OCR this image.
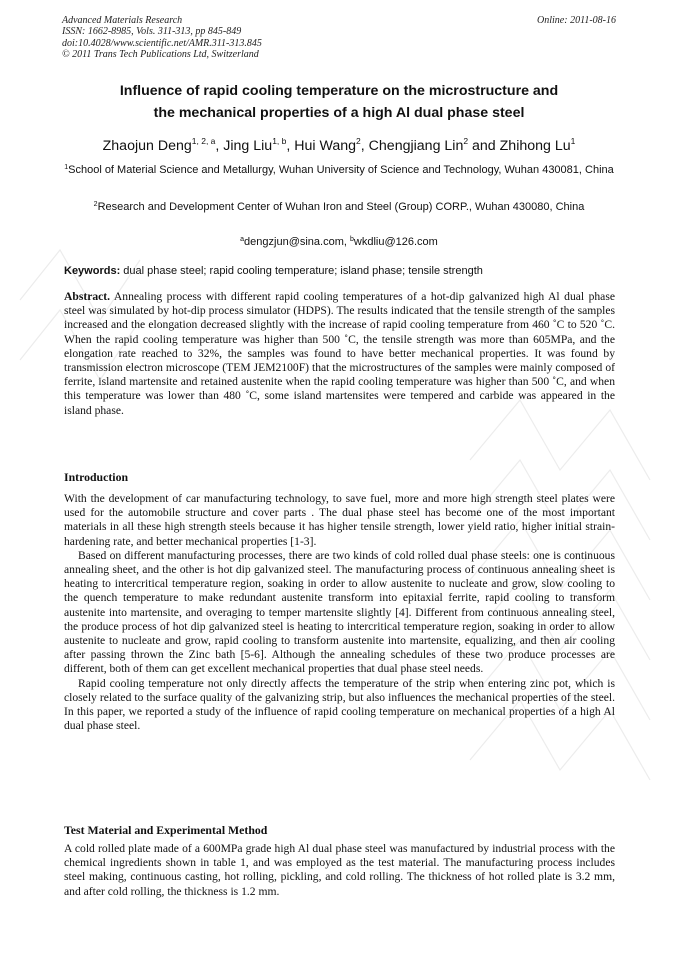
Advanced Materials Research
ISSN: 1662-8985, Vols. 311-313, pp 845-849
doi:10.4028/www.scientific.net/AMR.311-313.845
© 2011 Trans Tech Publications Ltd, Switzerland
Online: 2011-08-16
Influence of rapid cooling temperature on the microstructure and
the mechanical properties of a high Al dual phase steel
Zhaojun Deng$^{1, 2, a}$, Jing Liu$^{1, b}$, Hui Wang$^2$, Chengjiang Lin$^2$ and Zhihong Lu$^1$
$^1$School of Material Science and Metallurgy, Wuhan University of Science and Technology, Wuhan 430081, China
$^2$Research and Development Center of Wuhan Iron and Steel (Group) CORP., Wuhan 430080, China
$^a$dengzjun@sina.com, $^b$wkdliu@126.com
Keywords: dual phase steel; rapid cooling temperature; island phase; tensile strength
Abstract. Annealing process with different rapid cooling temperatures of a hot-dip galvanized high Al dual phase steel was simulated by hot-dip process simulator (HDPS). The results indicated that the tensile strength of the samples increased and the elongation decreased slightly with the increase of rapid cooling temperature from 460 ˚C to 520 ˚C. When the rapid cooling temperature was higher than 500 ˚C, the tensile strength was more than 605MPa, and the elongation rate reached to 32%, the samples was found to have better mechanical properties. It was found by transmission electron microscope (TEM JEM2100F) that the microstructures of the samples were mainly composed of ferrite, island martensite and retained austenite when the rapid cooling temperature was higher than 500 ˚C, and when this temperature was lower than 480 ˚C, some island martensites were tempered and carbide was appeared in the island phase.
Introduction

With the development of car manufacturing technology, to save fuel, more and more high strength steel plates were used for the automobile structure and cover parts . The dual phase steel has become one of the most important materials in all these high strength steels because it has higher tensile strength, lower yield ratio, higher initial strain-hardening rate, and better mechanical properties [1-3].

Based on different manufacturing processes, there are two kinds of cold rolled dual phase steels: one is continuous annealing sheet, and the other is hot dip galvanized steel. The manufacturing process of continuous annealing sheet is heating to intercritical temperature region, soaking in order to allow austenite to nucleate and grow, slow cooling to the quench temperature to make redundant austenite transform into epitaxial ferrite, rapid cooling to transform austenite into martensite, and overaging to temper martensite slightly [4]. Different from continuous annealing steel, the produce process of hot dip galvanized steel is heating to intercritical temperature region, soaking in order to allow austenite to nucleate and grow, rapid cooling to transform austenite into martensite, equalizing, and then air cooling after passing thrown the Zinc bath [5-6]. Although the annealing schedules of these two produce processes are different, both of them can get excellent mechanical properties that dual phase steel needs.

Rapid cooling temperature not only directly affects the temperature of the strip when entering zinc pot, which is closely related to the surface quality of the galvanizing strip, but also influences the mechanical properties of the steel. In this paper, we reported a study of the influence of rapid cooling temperature on mechanical properties of a high Al dual phase steel.

Test Material and Experimental Method
A cold rolled plate made of a 600MPa grade high Al dual phase steel was manufactured by industrial process with the chemical ingredients shown in table 1, and was employed as the test material. The manufacturing process includes steel making, continuous casting, hot rolling, pickling, and cold rolling. The thickness of hot rolled plate is 3.2 mm, and after cold rolling, the thickness is 1.2 mm.
